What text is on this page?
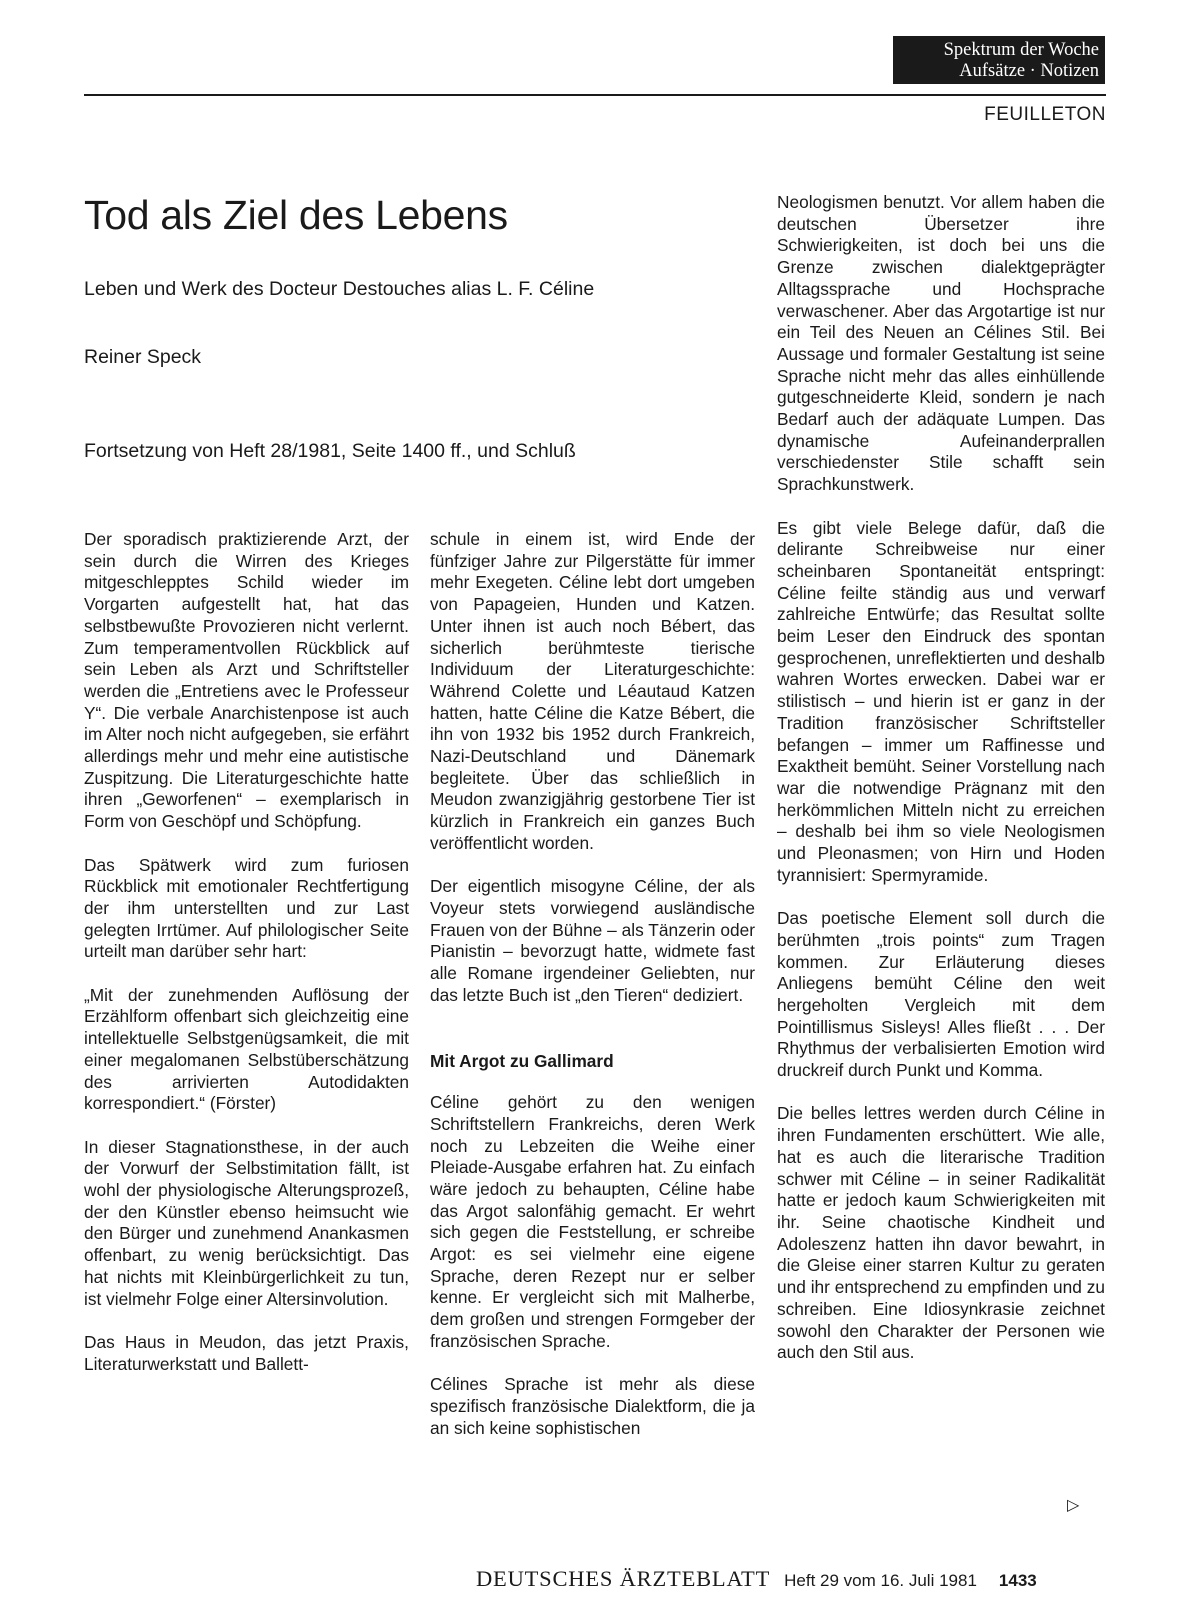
Spektrum der Woche
Aufsätze · Notizen
FEUILLETON
Tod als Ziel des Lebens
Leben und Werk des Docteur Destouches alias L. F. Céline
Reiner Speck
Fortsetzung von Heft 28/1981, Seite 1400 ff., und Schluß

Der sporadisch praktizierende Arzt, der sein durch die Wirren des Krieges mitgeschlepptes Schild wieder im Vorgarten aufgestellt hat, hat das selbstbewußte Provozieren nicht verlernt. Zum temperamentvollen Rückblick auf sein Leben als Arzt und Schriftsteller werden die „Entretiens avec le Professeur Y“. Die verbale Anarchistenpose ist auch im Alter noch nicht aufgegeben, sie erfährt allerdings mehr und mehr eine autistische Zuspitzung. Die Literaturgeschichte hatte ihren „Geworfenen“ – exemplarisch in Form von Geschöpf und Schöpfung.

Das Spätwerk wird zum furiosen Rückblick mit emotionaler Rechtfertigung der ihm unterstellten und zur Last gelegten Irrtümer. Auf philologischer Seite urteilt man darüber sehr hart:

„Mit der zunehmenden Auflösung der Erzählform offenbart sich gleichzeitig eine intellektuelle Selbstgenügsamkeit, die mit einer megalomanen Selbstüberschätzung des arrivierten Autodidakten korrespondiert.“ (Förster)

In dieser Stagnationsthese, in der auch der Vorwurf der Selbstimitation fällt, ist wohl der physiologische Alterungsprozeß, der den Künstler ebenso heimsucht wie den Bürger und zunehmend Anankasmen offenbart, zu wenig berücksichtigt. Das hat nichts mit Kleinbürgerlichkeit zu tun, ist vielmehr Folge einer Altersinvolution.

Das Haus in Meudon, das jetzt Praxis, Literaturwerkstatt und Ballett-

schule in einem ist, wird Ende der fünfziger Jahre zur Pilgerstätte für immer mehr Exegeten. Céline lebt dort umgeben von Papageien, Hunden und Katzen. Unter ihnen ist auch noch Bébert, das sicherlich berühmteste tierische Individuum der Literaturgeschichte: Während Colette und Léautaud Katzen hatten, hatte Céline die Katze Bébert, die ihn von 1932 bis 1952 durch Frankreich, Nazi-Deutschland und Dänemark begleitete. Über das schließlich in Meudon zwanzigjährig gestorbene Tier ist kürzlich in Frankreich ein ganzes Buch veröffentlicht worden.

Der eigentlich misogyne Céline, der als Voyeur stets vorwiegend ausländische Frauen von der Bühne – als Tänzerin oder Pianistin – bevorzugt hatte, widmete fast alle Romane irgendeiner Geliebten, nur das letzte Buch ist „den Tieren“ dediziert.

Mit Argot zu Gallimard

Céline gehört zu den wenigen Schriftstellern Frankreichs, deren Werk noch zu Lebzeiten die Weihe einer Pleiade-Ausgabe erfahren hat. Zu einfach wäre jedoch zu behaupten, Céline habe das Argot salonfähig gemacht. Er wehrt sich gegen die Feststellung, er schreibe Argot: es sei vielmehr eine eigene Sprache, deren Rezept nur er selber kenne. Er vergleicht sich mit Malherbe, dem großen und strengen Formgeber der französischen Sprache.

Célines Sprache ist mehr als diese spezifisch französische Dialektform, die ja an sich keine sophistischen

Neologismen benutzt. Vor allem haben die deutschen Übersetzer ihre Schwierigkeiten, ist doch bei uns die Grenze zwischen dialektgeprägter Alltagssprache und Hochsprache verwaschener. Aber das Argotartige ist nur ein Teil des Neuen an Célines Stil. Bei Aussage und formaler Gestaltung ist seine Sprache nicht mehr das alles einhüllende gutgeschneiderte Kleid, sondern je nach Bedarf auch der adäquate Lumpen. Das dynamische Aufeinanderprallen verschiedenster Stile schafft sein Sprachkunstwerk.

Es gibt viele Belege dafür, daß die delirante Schreibweise nur einer scheinbaren Spontaneität entspringt: Céline feilte ständig aus und verwarf zahlreiche Entwürfe; das Resultat sollte beim Leser den Eindruck des spontan gesprochenen, unreflektierten und deshalb wahren Wortes erwecken. Dabei war er stilistisch – und hierin ist er ganz in der Tradition französischer Schriftsteller befangen – immer um Raffinesse und Exaktheit bemüht. Seiner Vorstellung nach war die notwendige Prägnanz mit den herkömmlichen Mitteln nicht zu erreichen – deshalb bei ihm so viele Neologismen und Pleonasmen; von Hirn und Hoden tyrannisiert: Spermyramide.

Das poetische Element soll durch die berühmten „trois points“ zum Tragen kommen. Zur Erläuterung dieses Anliegens bemüht Céline den weit hergeholten Vergleich mit dem Pointillismus Sisleys! Alles fließt . . . Der Rhythmus der verbalisierten Emotion wird druckreif durch Punkt und Komma.

Die belles lettres werden durch Céline in ihren Fundamenten erschüttert. Wie alle, hat es auch die literarische Tradition schwer mit Céline – in seiner Radikalität hatte er jedoch kaum Schwierigkeiten mit ihr. Seine chaotische Kindheit und Adoleszenz hatten ihn davor bewahrt, in die Gleise einer starren Kultur zu geraten und ihr entsprechend zu empfinden und zu schreiben. Eine Idiosynkrasie zeichnet sowohl den Charakter der Personen wie auch den Stil aus.

▷
DEUTSCHES ÄRZTEBLATT Heft 29 vom 16. Juli 1981 1433
